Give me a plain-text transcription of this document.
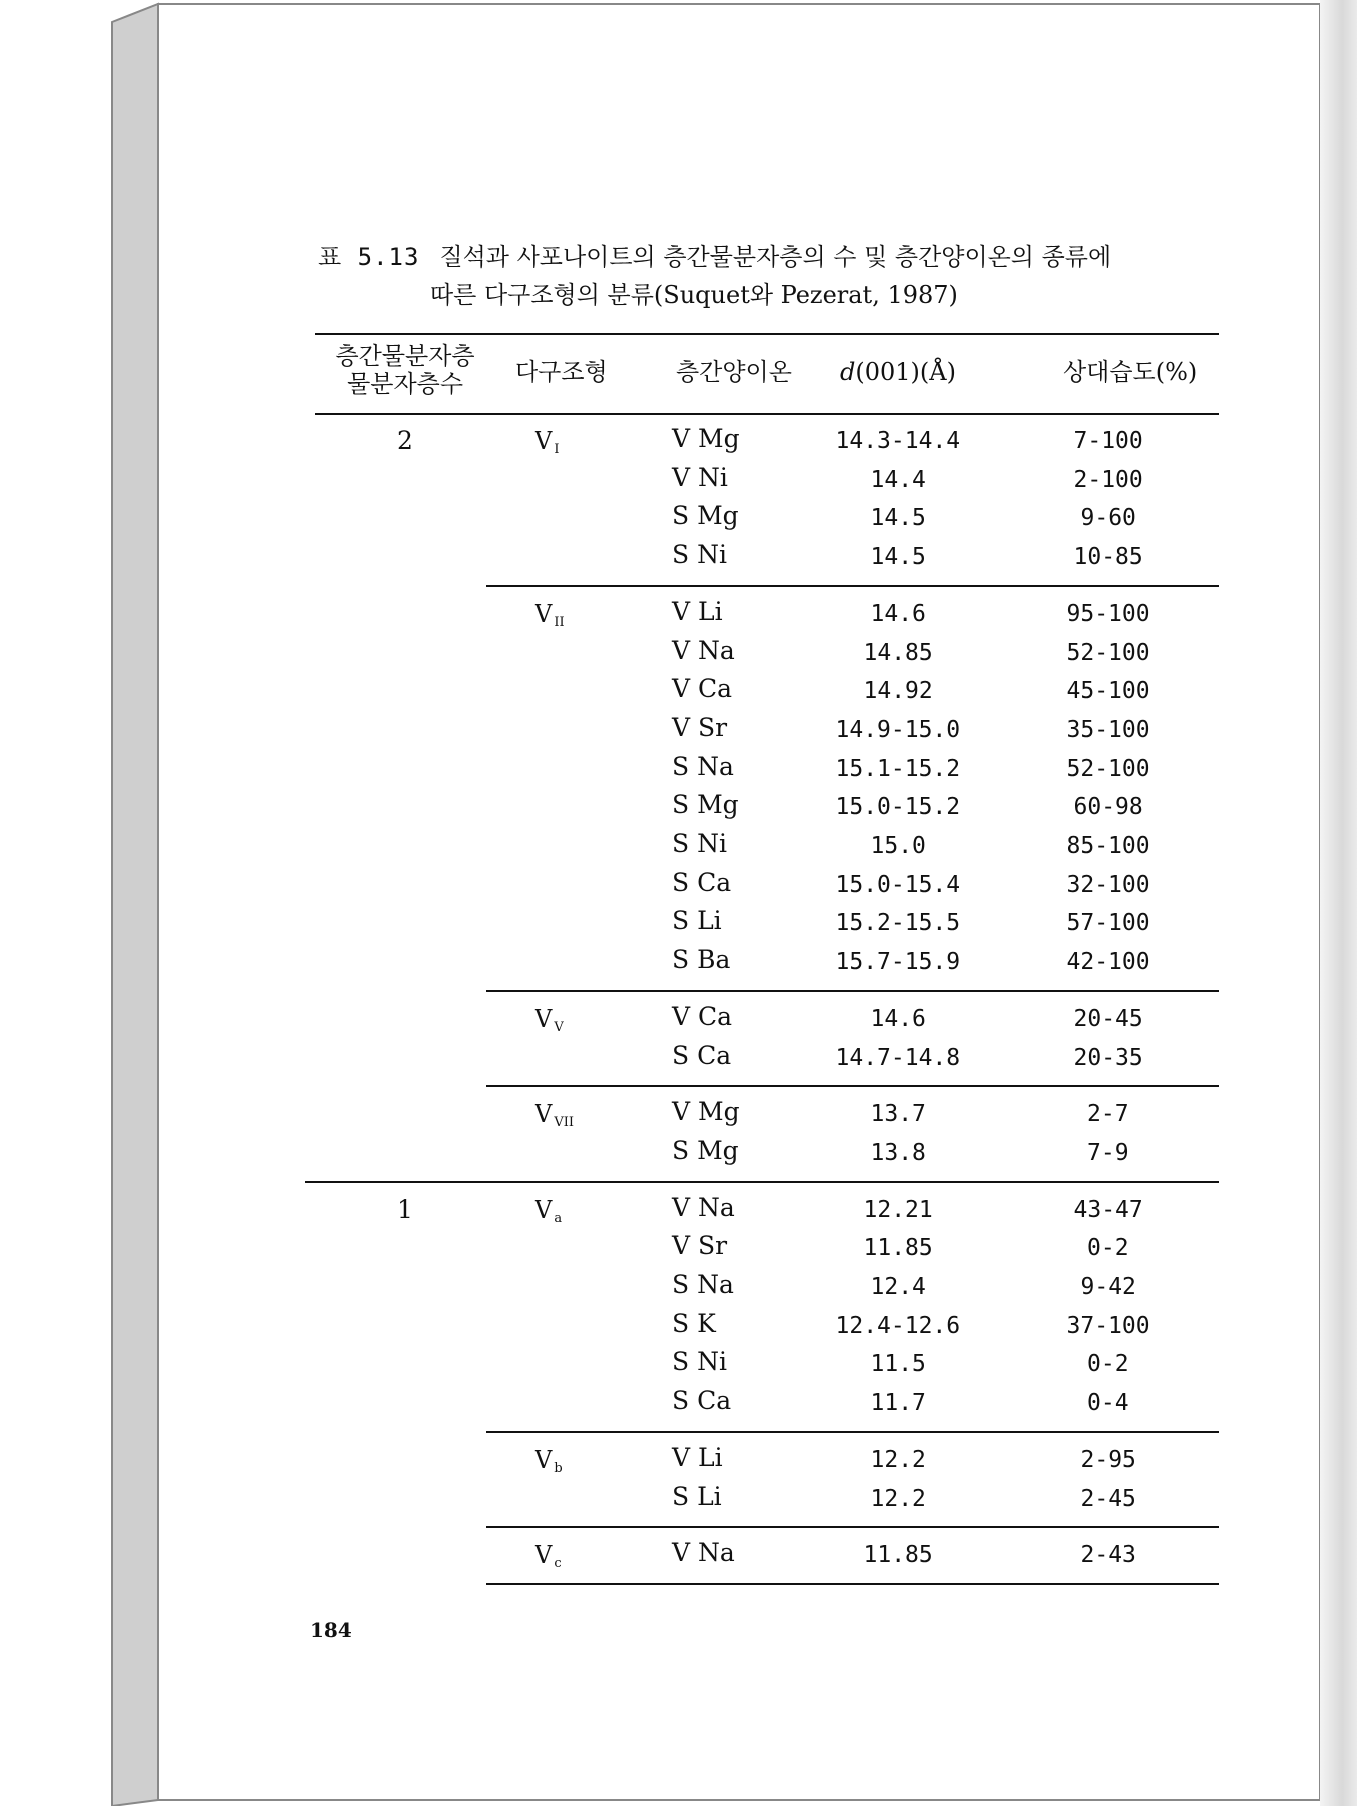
표 5.13 질석과 사포나이트의 층간물분자층의 수 및 층간양이온의 종류에
따른 다구조형의 분류(Suquet와 Pezerat, 1987)
층간물분자층
물분자층수	다구조형	층간양이온 d(001)(Å)	상대습도(%)
2	V $_I$	V Mg	14.3-14.4	7-100
V Ni	14.4	2-100
S Mg	14.5	9-60
S Ni	14.5	10-85
V $_{II}$	V Li	14.6	95-100
V Na	14.85	52-100
V Ca	14.92	45-100
V Sr	14.9-15.0	35-100
S Na	15.1-15.2	52-100
S Mg	15.0-15.2	60-98
S Ni	15.0	85-100
S Ca	15.0-15.4	32-100
S Li	15.2-15.5	57-100
S Ba	15.7-15.9	42-100
V $_V$	V Ca	14.6	20-45
S Ca	14.7-14.8	20-35
V $_{VII}$	V Mg	13.7	2-7
S Mg	13.8	7-9
1	V $_a$	V Na	12.21	43-47
V Sr	11.85	0-2
S Na	12.4	9-42
S K	12.4-12.6	37-100
S Ni	11.5	0-2
S Ca	11.7	0-4
V $_b$	V Li	12.2	2-95
S Li	12.2	2-45
V $_c$	V Na	11.85	2-43
184
